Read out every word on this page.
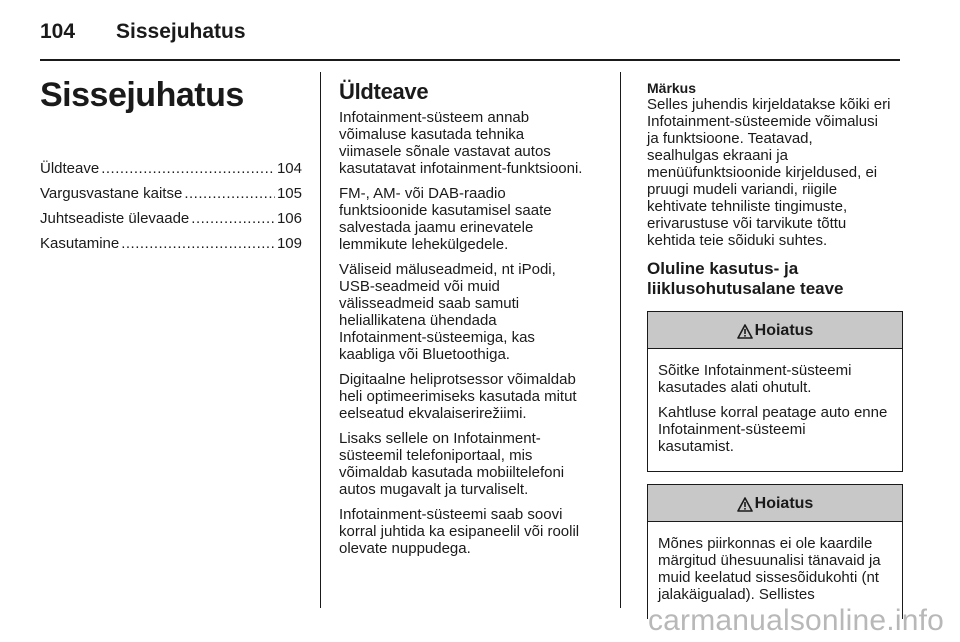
104 Sissejuhatus
Sissejuhatus
Üldteave .....	104
Vargusvastane kaitse .....	105
Juhtseadiste ülevaade .....	106
Kasutamine .....	109
Üldteave

Infotainment-süsteem annab
võimaluse kasutada tehnika
viimasele sõnale vastavat autos
kasutatavat infotainment-funktsiooni.

FM-, AM- või DAB-raadio
funktsioonide kasutamisel saate
salvestada jaamu erinevatele
lemmikute lehekülgedele.

Väliseid mäluseadmeid, nt iPodi,
USB-seadmeid või muid
välisseadmeid saab samuti
heliallikatena ühendada
Infotainment-süsteemiga, kas
kaabliga või Bluetoothiga.

Digitaalne heliprotsessor võimaldab
heli optimeerimiseks kasutada mitut
eelseatud ekvalaiserirežiimi.

Lisaks sellele on Infotainment-
süsteemil telefoniportaal, mis
võimaldab kasutada mobiiltelefoni
autos mugavalt ja turvaliselt.

Infotainment-süsteemi saab soovi
korral juhtida ka esipaneelil või roolil
olevate nuppudega.

Märkus
Selles juhendis kirjeldatakse kõiki eri
Infotainment-süsteemide võimalusi
ja funktsioone. Teatavad,
sealhulgas ekraani ja
menüüfunktsioonide kirjeldused, ei
pruugi mudeli variandi, riigile
kehtivate tehniliste tingimuste,
erivarustuse või tarvikute tõttu
kehtida teie sõiduki suhtes.
Oluline kasutus- ja
liiklusohutusalane teave
Hoiatus

Sõitke Infotainment-süsteemi
kasutades alati ohutult.

Kahtluse korral peatage auto enne
Infotainment-süsteemi
kasutamist.

Hoiatus

Mõnes piirkonnas ei ole kaardile
märgitud ühesuunalisi tänavaid ja
muid keelatud sissesõidukohti (nt
jalakäigualad). Sellistes

carmanualsonline.info
